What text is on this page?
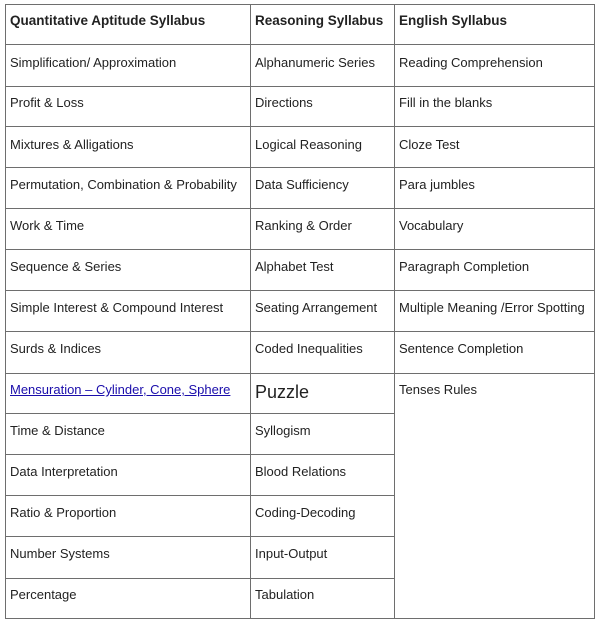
Quantitative Aptitude Syllabus	Reasoning Syllabus English Syllabus
Simplification/ Approximation
Profit & Loss
Mixtures & Alligations
Permutation, Combination & Probability
Work & Time
Sequence & Series
Simple Interest & Compound Interest
Surds & Indices
Mensuration – Cylinder, Cone, Sphere
Time & Distance
Data Interpretation
Ratio & Proportion
Number Systems
Percentage
Alphanumeric Series
Directions
Logical Reasoning
Data Sufficiency
Ranking & Order
Alphabet Test
Seating Arrangement
Coded Inequalities
Puzzle
Syllogism
Blood Relations
Coding-Decoding
Input-Output
Tabulation
Reading Comprehension
Fill in the blanks
Cloze Test
Para jumbles
Vocabulary
Paragraph Completion
Multiple Meaning /Error Spotting
Sentence Completion
Tenses Rules
